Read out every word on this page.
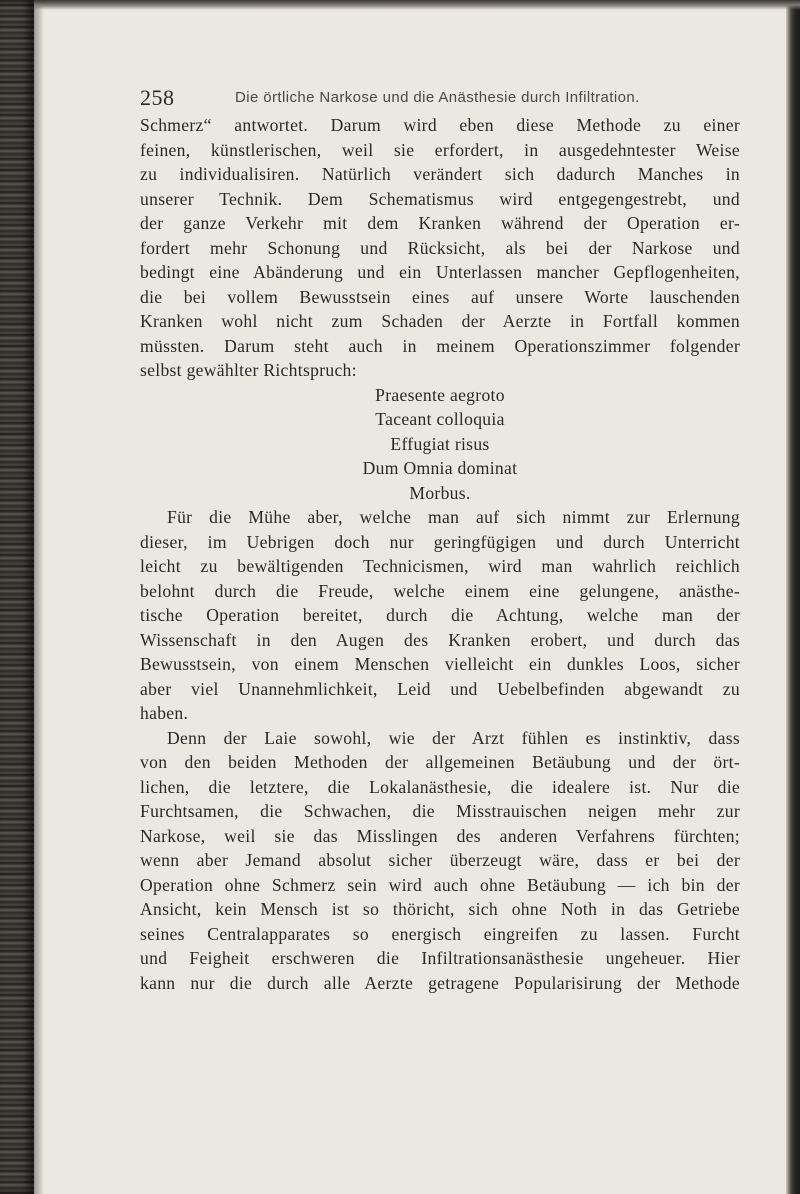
258	Die örtliche Narkose und die Anästhesie durch Infiltration.

Schmerz“ antwortet. Darum wird eben diese Methode zu einer

feinen, künstlerischen, weil sie erfordert, in ausgedehntester Weise

zu individualisiren. Natürlich verändert sich dadurch Manches in

unserer Technik. Dem Schematismus wird entgegengestrebt, und

der ganze Verkehr mit dem Kranken während der Operation er-

fordert mehr Schonung und Rücksicht, als bei der Narkose und

bedingt eine Abänderung und ein Unterlassen mancher Gepflogenheiten,

die bei vollem Bewusstsein eines auf unsere Worte lauschenden

Kranken wohl nicht zum Schaden der Aerzte in Fortfall kommen

müssten. Darum steht auch in meinem Operationszimmer folgender

selbst gewählter Richtspruch:

Praesente aegroto
Taceant colloquia
Effugiat risus
Dum Omnia dominat
Morbus.

Für die Mühe aber, welche man auf sich nimmt zur Erlernung

dieser, im Uebrigen doch nur geringfügigen und durch Unterricht

leicht zu bewältigenden Technicismen, wird man wahrlich reichlich

belohnt durch die Freude, welche einem eine gelungene, anästhe-

tische Operation bereitet, durch die Achtung, welche man der

Wissenschaft in den Augen des Kranken erobert, und durch das

Bewusstsein, von einem Menschen vielleicht ein dunkles Loos, sicher

aber viel Unannehmlichkeit, Leid und Uebelbefinden abgewandt zu

haben.

Denn der Laie sowohl, wie der Arzt fühlen es instinktiv, dass

von den beiden Methoden der allgemeinen Betäubung und der ört-

lichen, die letztere, die Lokalanästhesie, die idealere ist. Nur die

Furchtsamen, die Schwachen, die Misstrauischen neigen mehr zur

Narkose, weil sie das Misslingen des anderen Verfahrens fürchten;

wenn aber Jemand absolut sicher überzeugt wäre, dass er bei der

Operation ohne Schmerz sein wird auch ohne Betäubung — ich bin der

Ansicht, kein Mensch ist so thöricht, sich ohne Noth in das Getriebe

seines Centralapparates so energisch eingreifen zu lassen. Furcht

und Feigheit erschweren die Infiltrationsanästhesie ungeheuer. Hier

kann nur die durch alle Aerzte getragene Popularisirung der Methode
